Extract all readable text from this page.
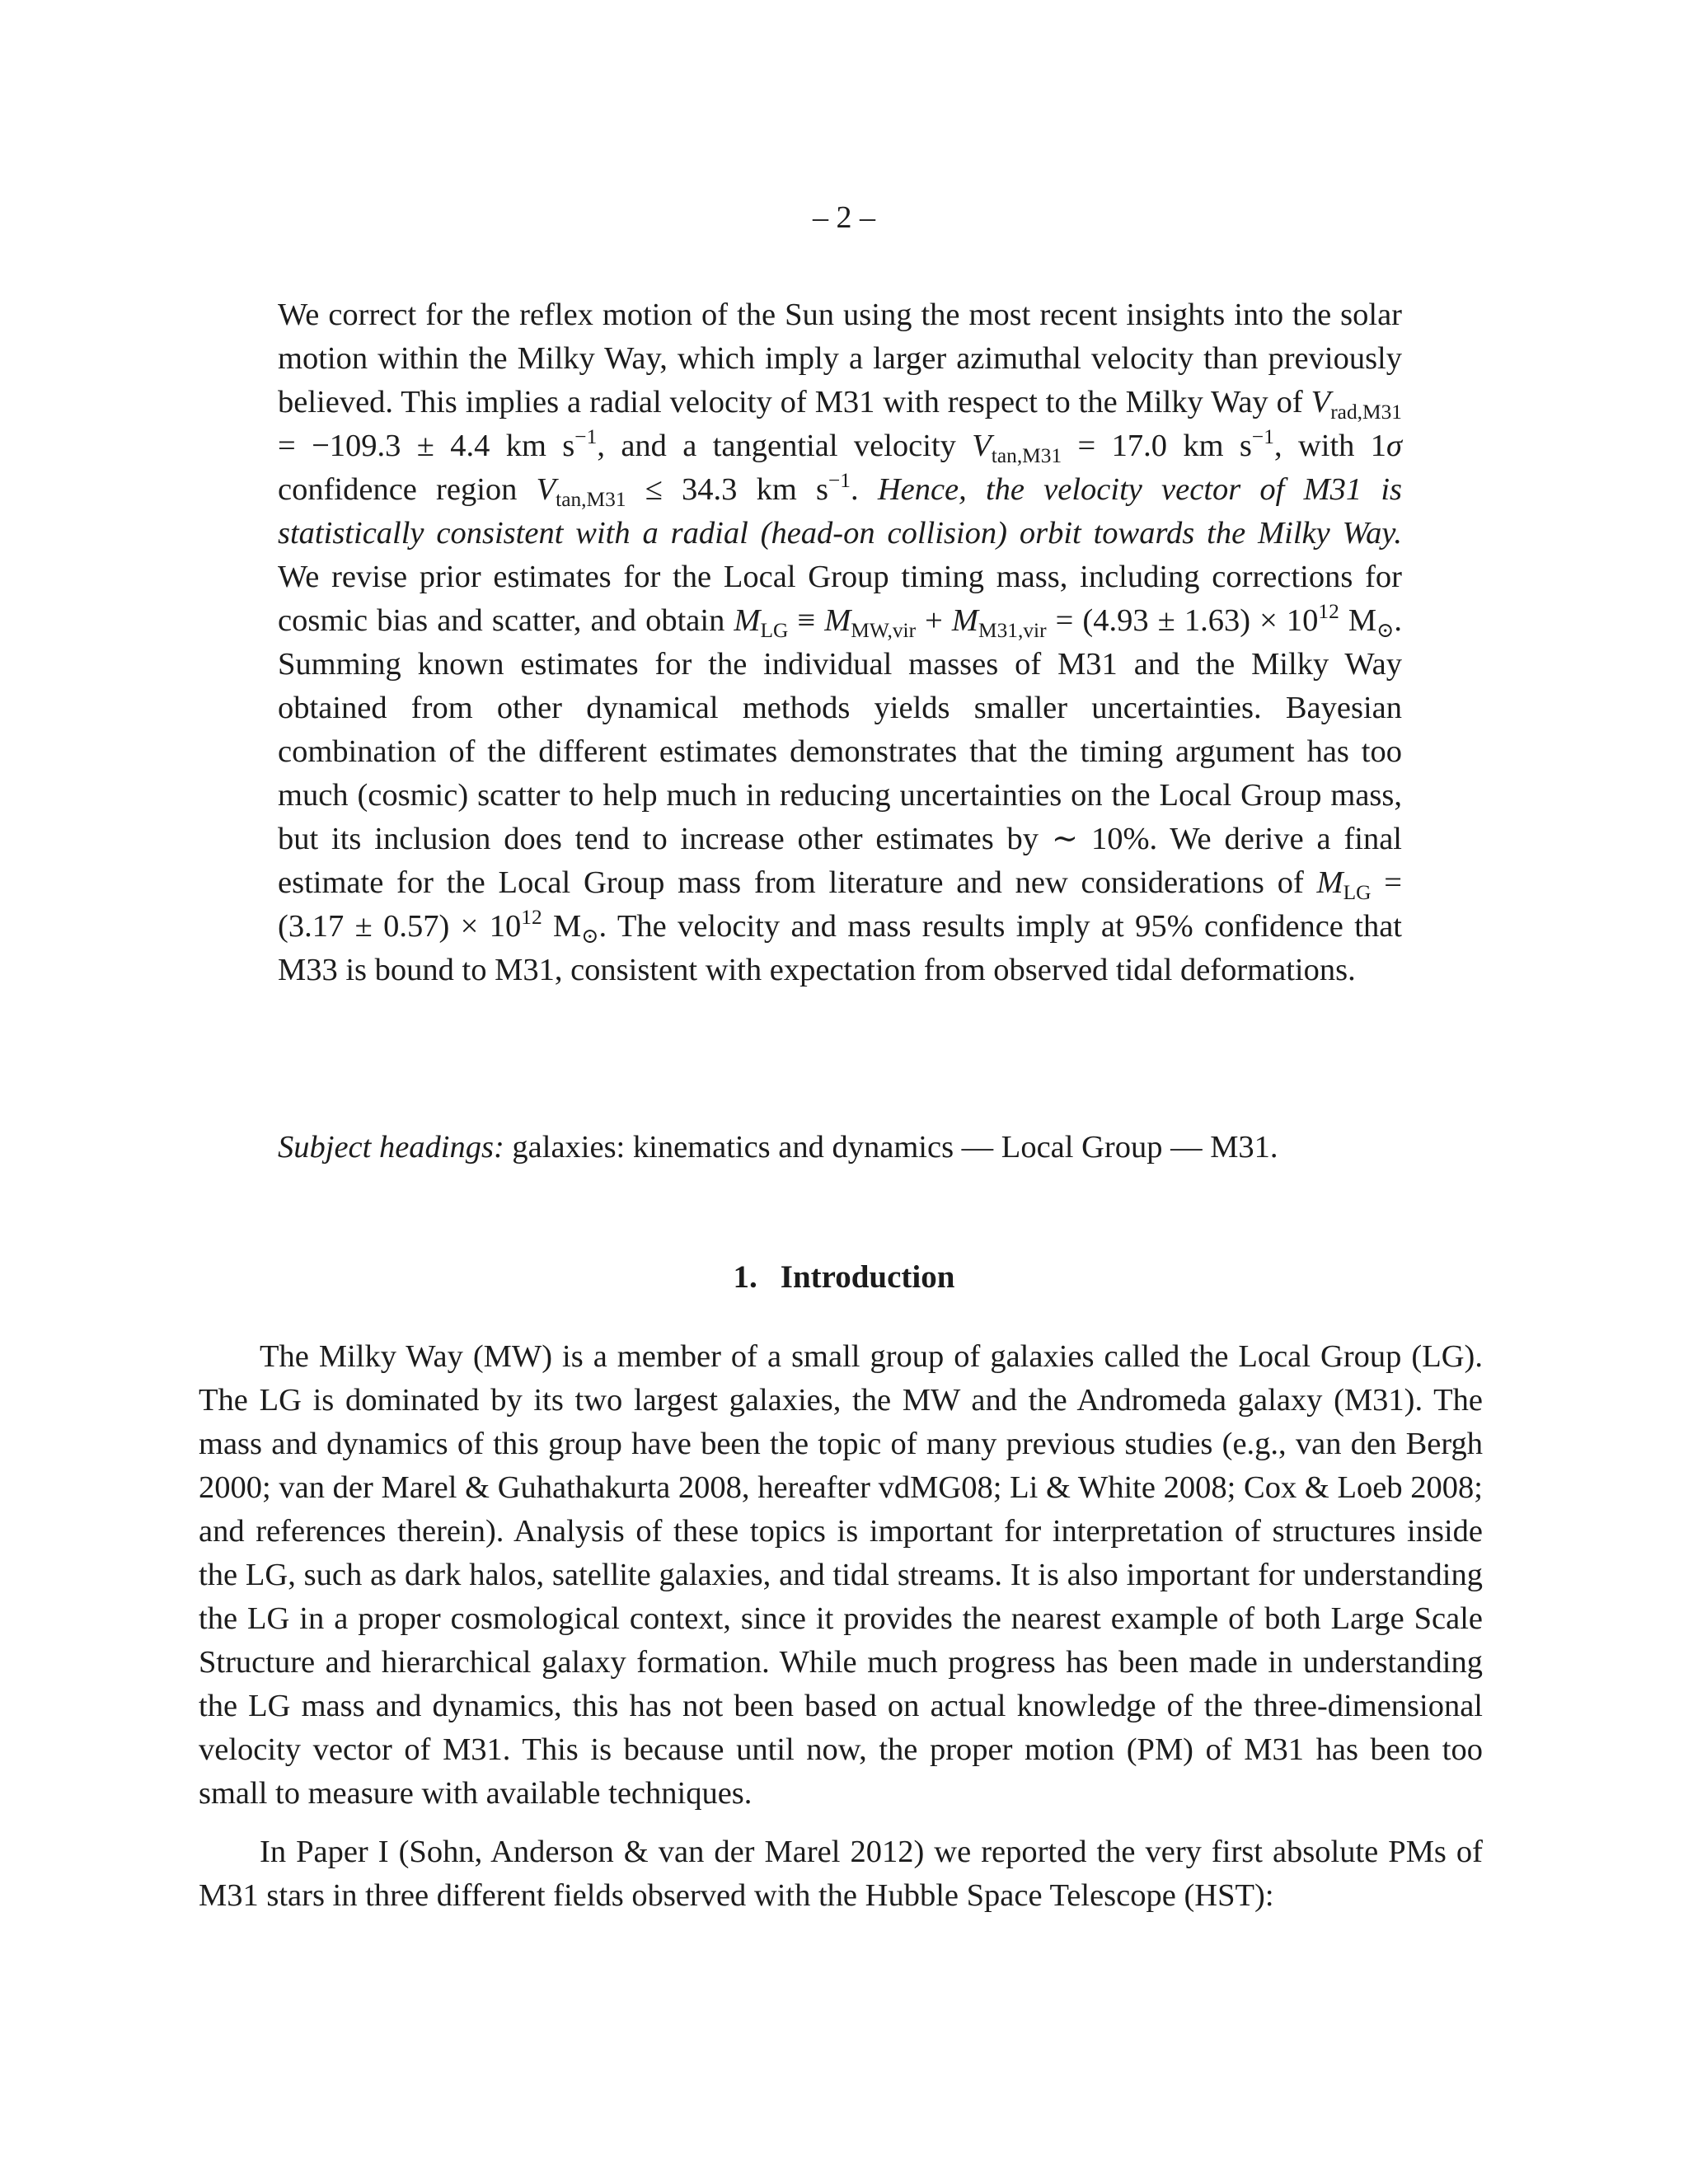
– 2 –

We correct for the reflex motion of the Sun using the most recent insights into the solar motion within the Milky Way, which imply a larger azimuthal velocity than previously believed. This implies a radial velocity of M31 with respect to the Milky Way of $V_{rad,M31} = -109.3 \pm 4.4$ km $s^{-1}$, and a tangential velocity $V_{tan,M31} = 17.0$ km $s^{-1}$, with 1σ confidence region $V_{tan,M31} \le 34.3$ km $s^{-1}$. Hence, the velocity vector of M31 is statistically consistent with a radial (head-on collision) orbit towards the Milky Way. We revise prior estimates for the Local Group timing mass, including corrections for cosmic bias and scatter, and obtain $M_{LG} \equiv M_{MW,vir} + M_{M31,vir} = (4.93 \pm 1.63) \times 10^{12}$ $M_⊙$. Summing known estimates for the individual masses of M31 and the Milky Way obtained from other dynamical methods yields smaller uncertainties. Bayesian combination of the different estimates demonstrates that the timing argument has too much (cosmic) scatter to help much in reducing uncertainties on the Local Group mass, but its inclusion does tend to increase other estimates by ∼ 10%. We derive a final estimate for the Local Group mass from literature and new considerations of $M_{LG} = (3.17 \pm 0.57) \times 10^{12}$ $M_⊙$. The velocity and mass results imply at 95% confidence that M33 is bound to M31, consistent with expectation from observed tidal deformations.

Subject headings: galaxies: kinematics and dynamics — Local Group — M31.
1. Introduction

The Milky Way (MW) is a member of a small group of galaxies called the Local Group (LG). The LG is dominated by its two largest galaxies, the MW and the Andromeda galaxy (M31). The mass and dynamics of this group have been the topic of many previous studies (e.g., van den Bergh 2000; van der Marel & Guhathakurta 2008, hereafter vdMG08; Li & White 2008; Cox & Loeb 2008; and references therein). Analysis of these topics is important for interpretation of structures inside the LG, such as dark halos, satellite galaxies, and tidal streams. It is also important for understanding the LG in a proper cosmological context, since it provides the nearest example of both Large Scale Structure and hierarchical galaxy formation. While much progress has been made in understanding the LG mass and dynamics, this has not been based on actual knowledge of the three-dimensional velocity vector of M31. This is because until now, the proper motion (PM) of M31 has been too small to measure with available techniques.

In Paper I (Sohn, Anderson & van der Marel 2012) we reported the very first absolute PMs of M31 stars in three different fields observed with the Hubble Space Telescope (HST):
